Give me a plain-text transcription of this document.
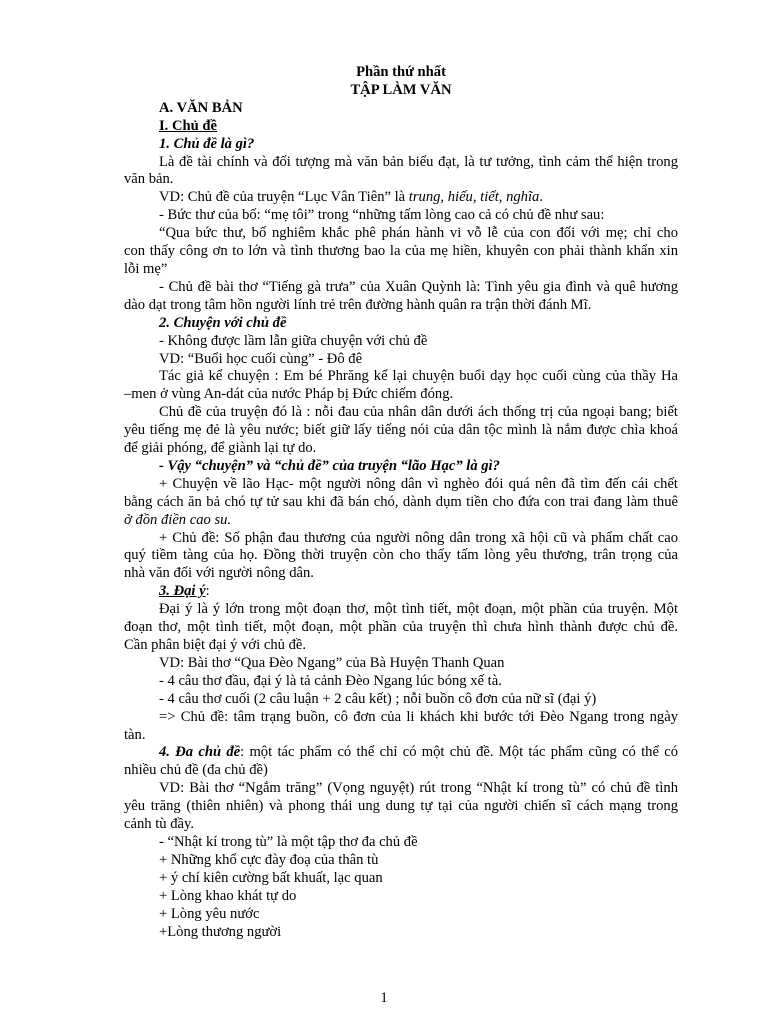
Phần thứ nhất
TẬP LÀM VĂN
A. VĂN BẢN
I. Chủ đề
1. Chủ đề là gì?
Là đề tài chính và đối tượng mà văn bản biểu đạt, là tư tưởng, tình cảm thể hiện trong
văn bản.
VD: Chủ đề của truyện “Lục Vân Tiên” là trung, hiếu, tiết, nghĩa.
- Bức thư của bố: “mẹ tôi” trong “những tấm lòng cao cả có chủ đề như sau:
“Qua bức thư, bố nghiêm khắc phê phán hành vi vỗ lễ của con đối với mẹ; chỉ cho
con thấy công ơn to lớn và tình thương bao la của mẹ hiền, khuyên con phải thành khẩn xin
lỗi mẹ”
- Chủ đề bài thơ “Tiếng gà trưa” của Xuân Quỳnh là: Tình yêu gia đình và quê hương
dào dạt trong tâm hồn người lính trẻ trên đường hành quân ra trận thời đánh Mĩ.
2. Chuyện với chủ đề
- Không được lầm lẫn giữa chuyện với chủ đề
VD: “Buổi học cuối cùng” - Đô đê
Tác giả kể chuyện : Em bé Phrăng kể lại chuyện buổi dạy học cuối cùng của thầy Ha
–men ở vùng An-dát của nước Pháp bị Đức chiếm đóng.
Chủ đề của truyện đó là : nỗi đau của nhân dân dưới ách thống trị của ngoại bang; biết
yêu tiếng mẹ đẻ là yêu nước; biết giữ lấy tiếng nói của dân tộc mình là nắm được chìa khoá
để giải phóng, để giành lại tự do.
- Vậy “chuyện” và “chủ đề” của truyện “lão Hạc” là gì?
+ Chuyện về lão Hạc- một người nông dân vì nghèo đói quá nên đã tìm đến cái chết
bằng cách ăn bả chó tự tử sau khi đã bán chó, dành dụm tiền cho đứa con trai đang làm thuê
ở đồn điền cao su.
+ Chủ đề: Số phận đau thương của người nông dân trong xã hội cũ và phẩm chất cao
quý tiềm tàng của họ. Đồng thời truyện còn cho thấy tấm lòng yêu thương, trân trọng của
nhà văn đối với người nông dân.
3. Đại ý:
Đại ý là ý lớn trong một đoạn thơ, một tình tiết, một đoạn, một phần của truyện. Một
đoạn thơ, một tình tiết, một đoạn, một phần của truyện thì chưa hình thành được chủ đề.
Cần phân biệt đại ý với chủ đề.
VD: Bài thơ “Qua Đèo Ngang” của Bà Huyện Thanh Quan
- 4 câu thơ đầu, đại ý là tả cảnh Đèo Ngang lúc bóng xế tà.
- 4 câu thơ cuối (2 câu luận + 2 câu kết) ; nỗi buồn cô đơn của nữ sĩ (đại ý)
=> Chủ đề: tâm trạng buồn, cô đơn của li khách khi bước tới Đèo Ngang trong ngày
tàn.
4. Đa chủ đề: một tác phẩm có thể chỉ có một chủ đề. Một tác phẩm cũng có thể có
nhiều chủ đề (đa chủ đề)
VD: Bài thơ “Ngắm trăng” (Vọng nguyệt) rút trong “Nhật kí trong tù” có chủ đề tình
yêu trăng (thiên nhiên) và phong thái ung dung tự tại của người chiến sĩ cách mạng trong
cảnh tù đầy.
- “Nhật kí trong tù” là một tập thơ đa chủ đề
+ Những khổ cực đày đoạ của thân tù
+ ý chí kiên cường bất khuất, lạc quan
+ Lòng khao khát tự do
+ Lòng yêu nước
+Lòng thương người
1
